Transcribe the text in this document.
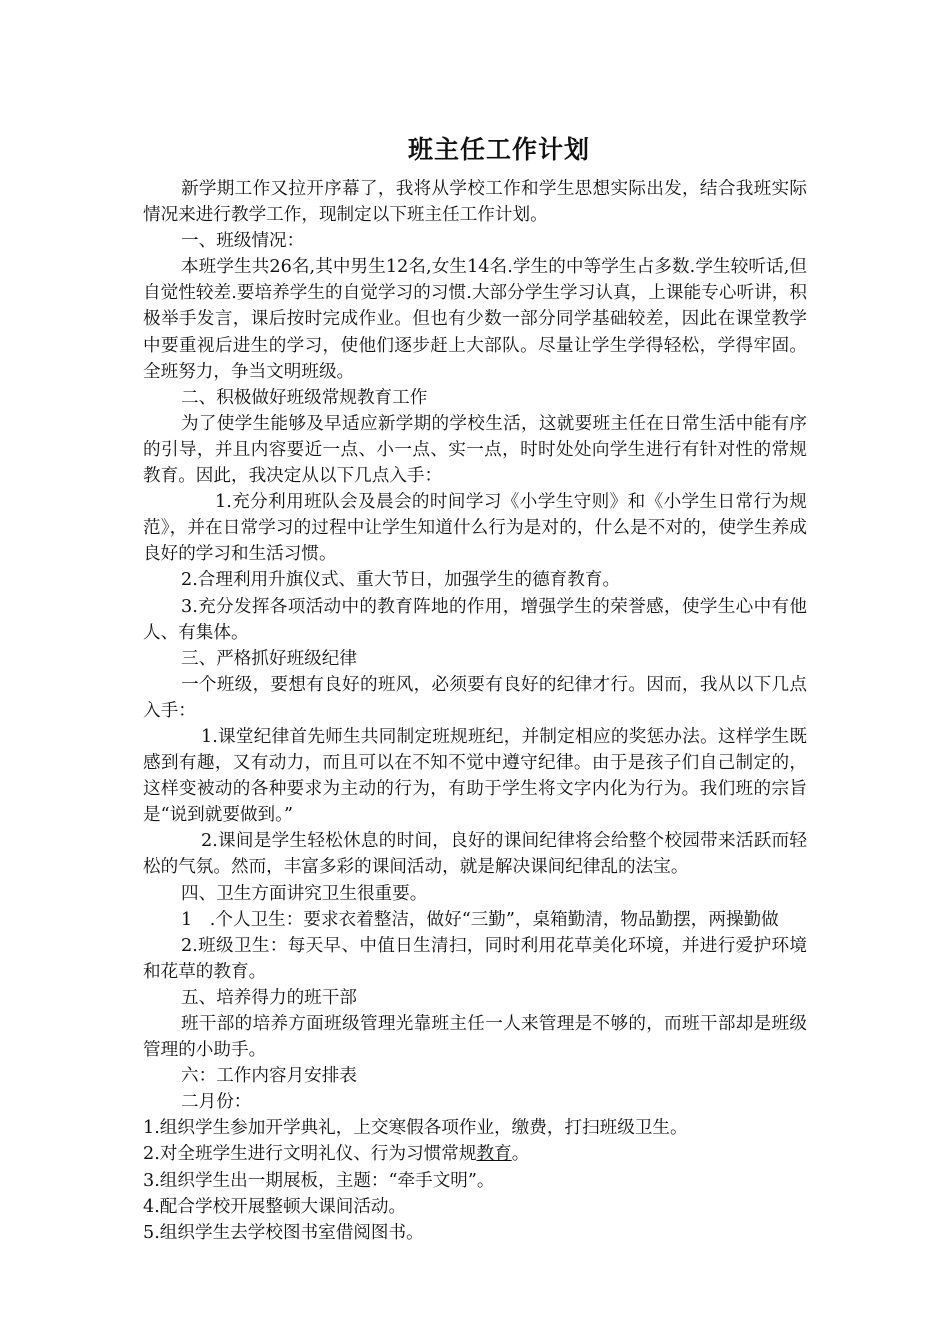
班主任工作计划

新学期工作又拉开序幕了，我将从学校工作和学生思想实际出发，结合我班实际情况来进行教学工作，现制定以下班主任工作计划。

一、班级情况：

本班学生共26名,其中男生12名,女生14名.学生的中等学生占多数.学生较听话,但自觉性较差.要培养学生的自觉学习的习惯.大部分学生学习认真，上课能专心听讲，积极举手发言，课后按时完成作业。但也有少数一部分同学基础较差，因此在课堂教学中要重视后进生的学习，使他们逐步赶上大部队。尽量让学生学得轻松，学得牢固。全班努力，争当文明班级。

二、积极做好班级常规教育工作

为了使学生能够及早适应新学期的学校生活，这就要班主任在日常生活中能有序的引导，并且内容要近一点、小一点、实一点，时时处处向学生进行有针对性的常规教育。因此，我决定从以下几点入手：

1.充分利用班队会及晨会的时间学习《小学生守则》和《小学生日常行为规范》，并在日常学习的过程中让学生知道什么行为是对的，什么是不对的，使学生养成良好的学习和生活习惯。

2.合理利用升旗仪式、重大节日，加强学生的德育教育。

3.充分发挥各项活动中的教育阵地的作用，增强学生的荣誉感，使学生心中有他人、有集体。

三、严格抓好班级纪律

一个班级，要想有良好的班风，必须要有良好的纪律才行。因而，我从以下几点入手：

1.课堂纪律首先师生共同制定班规班纪，并制定相应的奖惩办法。这样学生既感到有趣，又有动力，而且可以在不知不觉中遵守纪律。由于是孩子们自己制定的，这样变被动的各种要求为主动的行为，有助于学生将文字内化为行为。我们班的宗旨是“说到就要做到。”

2.课间是学生轻松休息的时间，良好的课间纪律将会给整个校园带来活跃而轻松的气氛。然而，丰富多彩的课间活动，就是解决课间纪律乱的法宝。

四、卫生方面讲究卫生很重要。

1　.个人卫生：要求衣着整洁，做好“三勤”，桌箱勤清，物品勤摆，两操勤做

2.班级卫生：每天早、中值日生清扫，同时利用花草美化环境，并进行爱护环境和花草的教育。

五、培养得力的班干部

班干部的培养方面班级管理光靠班主任一人来管理是不够的，而班干部却是班级管理的小助手。

六：工作内容月安排表

二月份：

1.组织学生参加开学典礼，上交寒假各项作业，缴费，打扫班级卫生。

2.对全班学生进行文明礼仪、行为习惯常规教育。

3.组织学生出一期展板，主题：“牵手文明”。

4.配合学校开展整顿大课间活动。

5.组织学生去学校图书室借阅图书。
